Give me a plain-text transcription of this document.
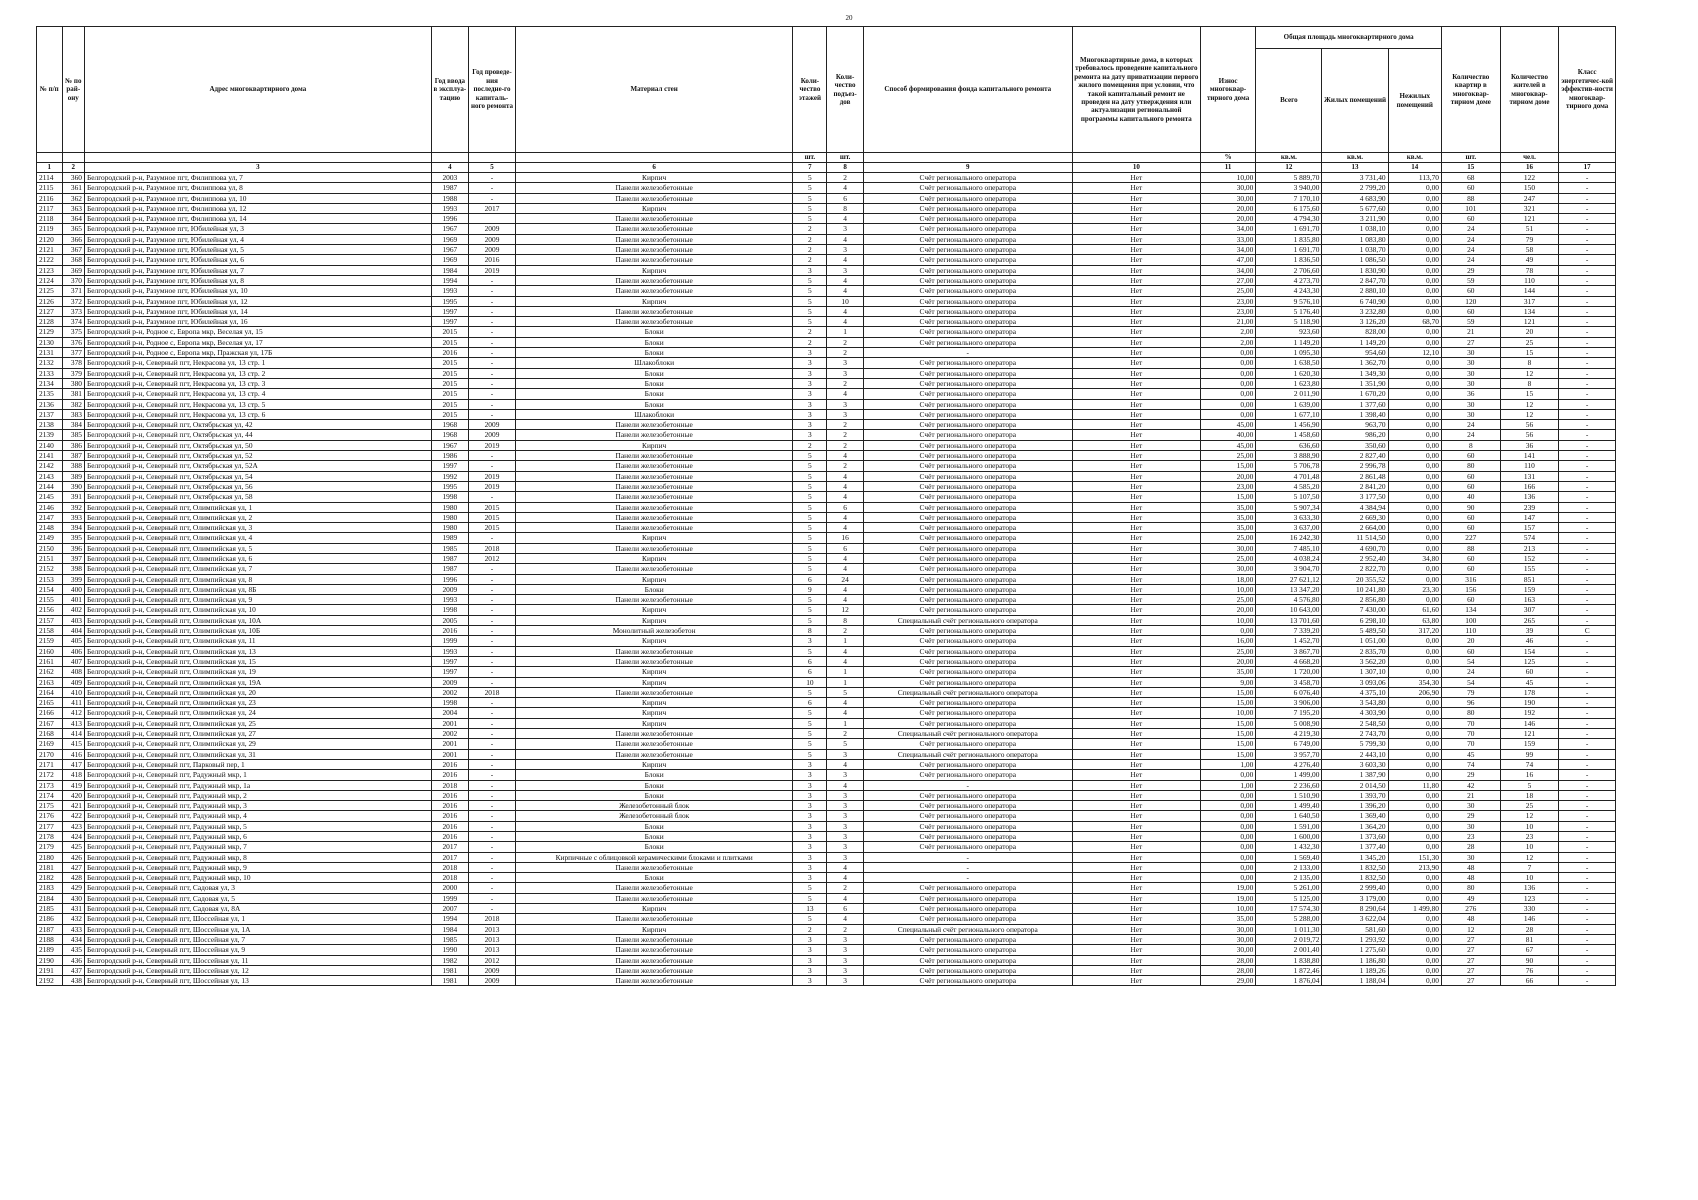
20
№ п/п	№ по рай-ону	Адрес многоквартирного дома	Год ввода в эксплуа-тацию	Год проведе-ния последне-го капиталь-ного ремонта	Материал стен	Коли-чество этажей	Коли-чество подъез-дов	Способ формирования фонда капитального ремонта	Многоквартирные дома, в которых требовалось проведение капитального ремонта на дату приватизации первого жилого помещения при условии, что такой капитальный ремонт не проведен на дату утверждения или актуализации региональной программы капитального ремонта	Износ многоквар-тирного дома	Общая площадь многоквартирного дома			Количество квартир в многоквар-тирном доме	Количество жителей в многоквар-тирном доме	Класс энергетичес-кой эффектив-ности многоквар-тирного дома
											Всего	Жилых помещений	Нежилых помещений			
						шт.	шт.			%	кв.м.	кв.м.	кв.м.	шт.	чел.	
1	2	3	4	5	6	7	8	9	10	11	12	13	14	15	16	17
2114	360	Белгородский р-н, Разумное пгт, Филиппова ул, 7	2003	-	Кирпич	5	2	Счёт регионального оператора	Нет	10,00	5 889,70	3 731,40	113,70	68	122	-
2115	361	Белгородский р-н, Разумное пгт, Филиппова ул, 8	1987	-	Панели железобетонные	5	4	Счёт регионального оператора	Нет	30,00	3 940,00	2 799,20	0,00	60	150	-
2116	362	Белгородский р-н, Разумное пгт, Филиппова ул, 10	1988	-	Панели железобетонные	5	6	Счёт регионального оператора	Нет	30,00	7 170,10	4 683,90	0,00	88	247	-
2117	363	Белгородский р-н, Разумное пгт, Филиппова ул, 12	1993	2017	Кирпич	5	8	Счёт регионального оператора	Нет	20,00	6 175,60	5 677,60	0,00	101	321	-
2118	364	Белгородский р-н, Разумное пгт, Филиппова ул, 14	1996		Панели железобетонные	5	4	Счёт регионального оператора	Нет	20,00	4 794,30	3 211,90	0,00	60	121	-
2119	365	Белгородский р-н, Разумное пгт, Юбилейная ул, 3	1967	2009	Панели железобетонные	2	3	Счёт регионального оператора	Нет	34,00	1 691,70	1 038,10	0,00	24	51	-
2120	366	Белгородский р-н, Разумное пгт, Юбилейная ул, 4	1969	2009	Панели железобетонные	2	4	Счёт регионального оператора	Нет	33,00	1 835,80	1 083,80	0,00	24	79	-
2121	367	Белгородский р-н, Разумное пгт, Юбилейная ул, 5	1967	2009	Панели железобетонные	2	3	Счёт регионального оператора	Нет	34,00	1 691,70	1 038,70	0,00	24	58	-
2122	368	Белгородский р-н, Разумное пгт, Юбилейная ул, 6	1969	2016	Панели железобетонные	2	4	Счёт регионального оператора	Нет	47,00	1 836,50	1 086,50	0,00	24	49	-
2123	369	Белгородский р-н, Разумное пгт, Юбилейная ул, 7	1984	2019	Кирпич	3	3	Счёт регионального оператора	Нет	34,00	2 706,60	1 830,90	0,00	29	78	-
2124	370	Белгородский р-н, Разумное пгт, Юбилейная ул, 8	1994	-	Панели железобетонные	5	4	Счёт регионального оператора	Нет	27,00	4 273,70	2 847,70	0,00	59	110	-
2125	371	Белгородский р-н, Разумное пгт, Юбилейная ул, 10	1993	-	Панели железобетонные	5	4	Счёт регионального оператора	Нет	25,00	4 243,30	2 880,10	0,00	60	144	-
2126	372	Белгородский р-н, Разумное пгт, Юбилейная ул, 12	1995	-	Кирпич	5	10	Счёт регионального оператора	Нет	23,00	9 576,10	6 740,90	0,00	120	317	-
2127	373	Белгородский р-н, Разумное пгт, Юбилейная ул, 14	1997	-	Панели железобетонные	5	4	Счёт регионального оператора	Нет	23,00	5 176,40	3 232,80	0,00	60	134	-
2128	374	Белгородский р-н, Разумное пгт, Юбилейная ул, 16	1997	-	Панели железобетонные	5	4	Счёт регионального оператора	Нет	21,00	5 118,90	3 126,20	68,70	59	121	-
2129	375	Белгородский р-н, Родное с, Европа мкр, Веселая ул, 15	2015	-	Блоки	2	1	Счёт регионального оператора	Нет	2,00	923,60	828,00	0,00	21	20	-
2130	376	Белгородский р-н, Родное с, Европа мкр, Веселая ул, 17	2015	-	Блоки	2	2	Счёт регионального оператора	Нет	2,00	1 149,20	1 149,20	0,00	27	25	-
2131	377	Белгородский р-н, Родное с, Европа мкр, Пражская ул, 17Б	2016	-	Блоки	3	2	-	Нет	0,00	1 095,30	954,60	12,10	30	15	-
2132	378	Белгородский р-н, Северный пгт, Некрасова ул, 13 стр. 1	2015	-	Шлакоблоки	3	3	Счёт регионального оператора	Нет	0,00	1 638,50	1 362,70	0,00	30	8	-
2133	379	Белгородский р-н, Северный пгт, Некрасова ул, 13 стр. 2	2015	-	Блоки	3	3	Счёт регионального оператора	Нет	0,00	1 620,30	1 349,30	0,00	30	12	-
2134	380	Белгородский р-н, Северный пгт, Некрасова ул, 13 стр. 3	2015	-	Блоки	3	2	Счёт регионального оператора	Нет	0,00	1 623,80	1 351,90	0,00	30	8	-
2135	381	Белгородский р-н, Северный пгт, Некрасова ул, 13 стр. 4	2015	-	Блоки	3	4	Счёт регионального оператора	Нет	0,00	2 011,90	1 670,20	0,00	36	15	-
2136	382	Белгородский р-н, Северный пгт, Некрасова ул, 13 стр. 5	2015	-	Блоки	3	3	Счёт регионального оператора	Нет	0,00	1 639,00	1 377,60	0,00	30	12	-
2137	383	Белгородский р-н, Северный пгт, Некрасова ул, 13 стр. 6	2015	-	Шлакоблоки	3	3	Счёт регионального оператора	Нет	0,00	1 677,10	1 398,40	0,00	30	12	-
2138	384	Белгородский р-н, Северный пгт, Октябрьская ул, 42	1968	2009	Панели железобетонные	3	2	Счёт регионального оператора	Нет	45,00	1 456,90	963,70	0,00	24	56	-
2139	385	Белгородский р-н, Северный пгт, Октябрьская ул, 44	1968	2009	Панели железобетонные	3	2	Счёт регионального оператора	Нет	40,00	1 458,60	986,20	0,00	24	56	-
2140	386	Белгородский р-н, Северный пгт, Октябрьская ул, 50	1967	2019	Кирпич	2	2	Счёт регионального оператора	Нет	45,00	636,60	350,60	0,00	8	36	-
2141	387	Белгородский р-н, Северный пгт, Октябрьская ул, 52	1986	-	Панели железобетонные	5	4	Счёт регионального оператора	Нет	25,00	3 888,90	2 827,40	0,00	60	141	-
2142	388	Белгородский р-н, Северный пгт, Октябрьская ул, 52А	1997	-	Панели железобетонные	5	2	Счёт регионального оператора	Нет	15,00	5 706,78	2 996,78	0,00	80	110	-
2143	389	Белгородский р-н, Северный пгт, Октябрьская ул, 54	1992	2019	Панели железобетонные	5	4	Счёт регионального оператора	Нет	20,00	4 701,48	2 861,48	0,00	60	131	-
2144	390	Белгородский р-н, Северный пгт, Октябрьская ул, 56	1995	2019	Панели железобетонные	5	4	Счёт регионального оператора	Нет	23,00	4 585,20	2 841,20	0,00	60	166	-
2145	391	Белгородский р-н, Северный пгт, Октябрьская ул, 58	1998	-	Панели железобетонные	5	4	Счёт регионального оператора	Нет	15,00	5 107,50	3 177,50	0,00	40	136	-
2146	392	Белгородский р-н, Северный пгт, Олимпийская ул, 1	1980	2015	Панели железобетонные	5	6	Счёт регионального оператора	Нет	35,00	5 907,34	4 384,94	0,00	90	239	-
2147	393	Белгородский р-н, Северный пгт, Олимпийская ул, 2	1980	2015	Панели железобетонные	5	4	Счёт регионального оператора	Нет	35,00	3 633,30	2 669,30	0,00	60	147	-
2148	394	Белгородский р-н, Северный пгт, Олимпийская ул, 3	1980	2015	Панели железобетонные	5	4	Счёт регионального оператора	Нет	35,00	3 637,00	2 664,00	0,00	60	157	-
2149	395	Белгородский р-н, Северный пгт, Олимпийская ул, 4	1989	-	Кирпич	5	16	Счёт регионального оператора	Нет	25,00	16 242,30	11 514,50	0,00	227	574	-
2150	396	Белгородский р-н, Северный пгт, Олимпийская ул, 5	1985	2018	Панели железобетонные	5	6	Счёт регионального оператора	Нет	30,00	7 485,10	4 690,70	0,00	88	213	-
2151	397	Белгородский р-н, Северный пгт, Олимпийская ул, 6	1987	2012	Кирпич	5	4	Счёт регионального оператора	Нет	25,00	4 038,24	2 952,40	34,80	60	152	-
2152	398	Белгородский р-н, Северный пгт, Олимпийская ул, 7	1987	-	Панели железобетонные	5	4	Счёт регионального оператора	Нет	30,00	3 904,70	2 822,70	0,00	60	155	-
2153	399	Белгородский р-н, Северный пгт, Олимпийская ул, 8	1996	-	Кирпич	6	24	Счёт регионального оператора	Нет	18,00	27 621,12	20 355,52	0,00	316	851	-
2154	400	Белгородский р-н, Северный пгт, Олимпийская ул, 8Б	2009	-	Блоки	9	4	Счёт регионального оператора	Нет	10,00	13 347,20	10 241,80	23,30	156	159	-
2155	401	Белгородский р-н, Северный пгт, Олимпийская ул, 9	1993	-	Панели железобетонные	5	4	Счёт регионального оператора	Нет	25,00	4 576,80	2 856,80	0,00	60	163	-
2156	402	Белгородский р-н, Северный пгт, Олимпийская ул, 10	1998	-	Кирпич	5	12	Счёт регионального оператора	Нет	20,00	10 643,00	7 430,00	61,60	134	307	-
2157	403	Белгородский р-н, Северный пгт, Олимпийская ул, 10А	2005	-	Кирпич	5	8	Специальный счёт регионального оператора	Нет	10,00	13 701,60	6 298,10	63,80	100	265	-
2158	404	Белгородский р-н, Северный пгт, Олимпийская ул, 10Б	2016	-	Монолитный железобетон	8	2	Счёт регионального оператора	Нет	0,00	7 339,20	5 489,50	317,20	110	39	С
2159	405	Белгородский р-н, Северный пгт, Олимпийская ул, 11	1999	-	Кирпич	3	1	Счёт регионального оператора	Нет	16,00	1 452,70	1 051,00	0,00	20	46	-
2160	406	Белгородский р-н, Северный пгт, Олимпийская ул, 13	1993	-	Панели железобетонные	5	4	Счёт регионального оператора	Нет	25,00	3 867,70	2 835,70	0,00	60	154	-
2161	407	Белгородский р-н, Северный пгт, Олимпийская ул, 15	1997	-	Панели железобетонные	6	4	Счёт регионального оператора	Нет	20,00	4 668,20	3 562,20	0,00	54	125	-
2162	408	Белгородский р-н, Северный пгт, Олимпийская ул, 19	1997	-	Кирпич	6	1	Счёт регионального оператора	Нет	35,00	1 720,00	1 307,10	0,00	24	60	-
2163	409	Белгородский р-н, Северный пгт, Олимпийская ул, 19А	2009	-	Кирпич	10	1	Счёт регионального оператора	Нет	9,00	3 458,70	3 093,06	354,30	54	45	-
2164	410	Белгородский р-н, Северный пгт, Олимпийская ул, 20	2002	2018	Панели железобетонные	5	5	Специальный счёт регионального оператора	Нет	15,00	6 076,40	4 375,10	206,90	79	178	-
2165	411	Белгородский р-н, Северный пгт, Олимпийская ул, 23	1998	-	Кирпич	6	4	Счёт регионального оператора	Нет	15,00	3 906,00	3 543,80	0,00	96	190	-
2166	412	Белгородский р-н, Северный пгт, Олимпийская ул, 24	2004	-	Кирпич	5	4	Счёт регионального оператора	Нет	10,00	7 195,20	4 303,90	0,00	80	192	-
2167	413	Белгородский р-н, Северный пгт, Олимпийская ул, 25	2001	-	Кирпич	5	1	Счёт регионального оператора	Нет	15,00	5 008,90	2 548,50	0,00	70	146	-
2168	414	Белгородский р-н, Северный пгт, Олимпийская ул, 27	2002	-	Панели железобетонные	5	2	Специальный счёт регионального оператора	Нет	15,00	4 219,30	2 743,70	0,00	70	121	-
2169	415	Белгородский р-н, Северный пгт, Олимпийская ул, 29	2001	-	Панели железобетонные	5	5	Счёт регионального оператора	Нет	15,00	6 749,00	5 799,30	0,00	70	159	-
2170	416	Белгородский р-н, Северный пгт, Олимпийская ул, 31	2001	-	Панели железобетонные	5	3	Специальный счёт регионального оператора	Нет	15,00	3 957,70	2 443,10	0,00	45	99	-
2171	417	Белгородский р-н, Северный пгт, Парковый пер, 1	2016	-	Кирпич	3	4	Счёт регионального оператора	Нет	1,00	4 276,40	3 603,30	0,00	74	74	-
2172	418	Белгородский р-н, Северный пгт, Радужный мкр, 1	2016	-	Блоки	3	3	Счёт регионального оператора	Нет	0,00	1 499,00	1 387,90	0,00	29	16	-
2173	419	Белгородский р-н, Северный пгт, Радужный мкр, 1а	2018	-	Блоки	3	4	-	Нет	1,00	2 236,60	2 014,50	11,80	42	5	-
2174	420	Белгородский р-н, Северный пгт, Радужный мкр, 2	2016	-	Блоки	3	3	Счёт регионального оператора	Нет	0,00	1 510,90	1 393,70	0,00	21	18	-
2175	421	Белгородский р-н, Северный пгт, Радужный мкр, 3	2016	-	Железобетонный блок	3	3	Счёт регионального оператора	Нет	0,00	1 499,40	1 396,20	0,00	30	25	-
2176	422	Белгородский р-н, Северный пгт, Радужный мкр, 4	2016	-	Железобетонный блок	3	3	Счёт регионального оператора	Нет	0,00	1 640,50	1 369,40	0,00	29	12	-
2177	423	Белгородский р-н, Северный пгт, Радужный мкр, 5	2016	-	Блоки	3	3	Счёт регионального оператора	Нет	0,00	1 591,00	1 364,20	0,00	30	10	-
2178	424	Белгородский р-н, Северный пгт, Радужный мкр, 6	2016	-	Блоки	3	3	Счёт регионального оператора	Нет	0,00	1 600,00	1 373,60	0,00	23	23	-
2179	425	Белгородский р-н, Северный пгт, Радужный мкр, 7	2017	-	Блоки	3	3	Счёт регионального оператора	Нет	0,00	1 432,30	1 377,40	0,00	28	10	-
2180	426	Белгородский р-н, Северный пгт, Радужный мкр, 8	2017	-	Кирпичные с облицовкой керамическими блоками и плитками	3	3	-	Нет	0,00	1 569,40	1 345,20	151,30	30	12	-
2181	427	Белгородский р-н, Северный пгт, Радужный мкр, 9	2018	-	Панели железобетонные	3	4	-	Нет	0,00	2 133,00	1 832,50	213,90	48	7	-
2182	428	Белгородский р-н, Северный пгт, Радужный мкр, 10	2018	-	Блоки	3	4	-	Нет	0,00	2 135,00	1 832,50	0,00	48	10	-
2183	429	Белгородский р-н, Северный пгт, Садовая ул, 3	2000	-	Панели железобетонные	5	2	Счёт регионального оператора	Нет	19,00	5 261,00	2 999,40	0,00	80	136	-
2184	430	Белгородский р-н, Северный пгт, Садовая ул, 5	1999	-	Панели железобетонные	5	4	Счёт регионального оператора	Нет	19,00	5 125,00	3 179,00	0,00	49	123	-
2185	431	Белгородский р-н, Северный пгт, Садовая ул, 8А	2007	-	Кирпич	13	6	Счёт регионального оператора	Нет	10,00	17 574,30	8 290,64	1 499,80	276	330	-
2186	432	Белгородский р-н, Северный пгт, Шоссейная ул, 1	1994	2018	Панели железобетонные	5	4	Счёт регионального оператора	Нет	35,00	5 288,00	3 622,04	0,00	48	146	-
2187	433	Белгородский р-н, Северный пгт, Шоссейная ул, 1А	1984	2013	Кирпич	2	2	Специальный счёт регионального оператора	Нет	30,00	1 011,30	581,60	0,00	12	28	-
2188	434	Белгородский р-н, Северный пгт, Шоссейная ул, 7	1985	2013	Панели железобетонные	3	3	Счёт регионального оператора	Нет	30,00	2 019,72	1 293,92	0,00	27	81	-
2189	435	Белгородский р-н, Северный пгт, Шоссейная ул, 9	1990	2013	Панели железобетонные	3	3	Счёт регионального оператора	Нет	30,00	2 001,40	1 275,60	0,00	27	67	-
2190	436	Белгородский р-н, Северный пгт, Шоссейная ул, 11	1982	2012	Панели железобетонные	3	3	Счёт регионального оператора	Нет	28,00	1 838,80	1 186,80	0,00	27	90	-
2191	437	Белгородский р-н, Северный пгт, Шоссейная ул, 12	1981	2009	Панели железобетонные	3	3	Счёт регионального оператора	Нет	28,00	1 872,46	1 189,26	0,00	27	76	-
2192	438	Белгородский р-н, Северный пгт, Шоссейная ул, 13	1981	2009	Панели железобетонные	3	3	Счёт регионального оператора	Нет	29,00	1 876,04	1 188,04	0,00	27	66	-
